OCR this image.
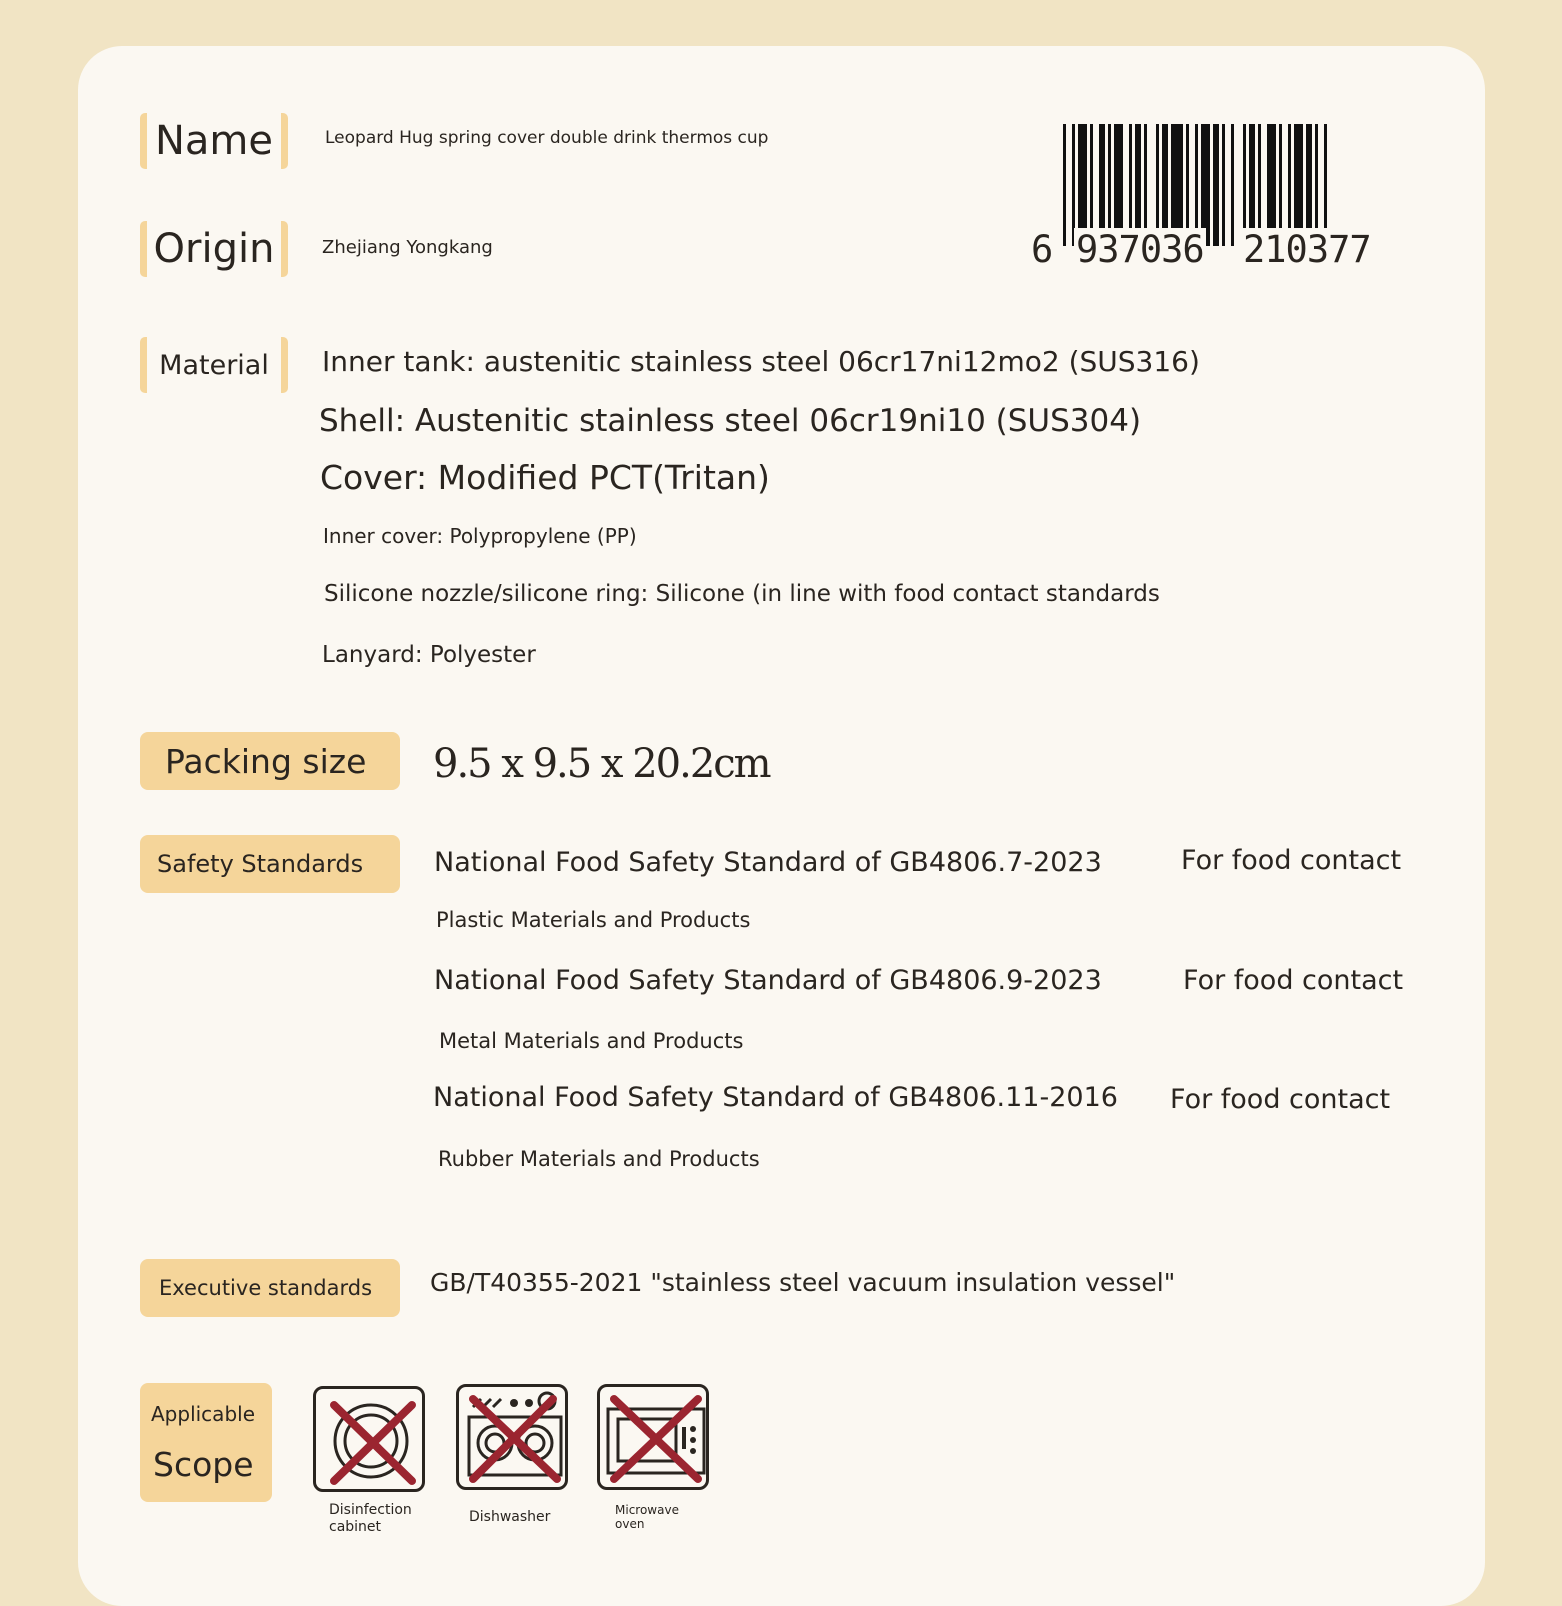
Name	Leopard Hug spring cover double drink thermos cup
Origin	Zhejiang Yongkang	6 937036 210377
Material Inner tank: austenitic stainless steel 06cr17ni12mo2 (SUS316)
Shell: Austenitic stainless steel 06cr19ni10 (SUS304)
Cover: Modified PCT(Tritan)
Inner cover: Polypropylene (PP)
Silicone nozzle/silicone ring: Silicone (in line with food contact standards
Lanyard: Polyester
Packing size 9.5 x 9.5 x 20.2cm
Safety Standards	National Food Safety Standard of GB4806.7-2023	For food contact
Plastic Materials and Products
National Food Safety Standard of GB4806.9-2023	For food contact
Metal Materials and Products
National Food Safety Standard of GB4806.11-2016 For food contact
Rubber Materials and Products
Executive standards GB/T40355-2021 "stainless steel vacuum insulation vessel"
Applicable
Scope
Disinfection cabinet
Dishwasher	Microwave oven
